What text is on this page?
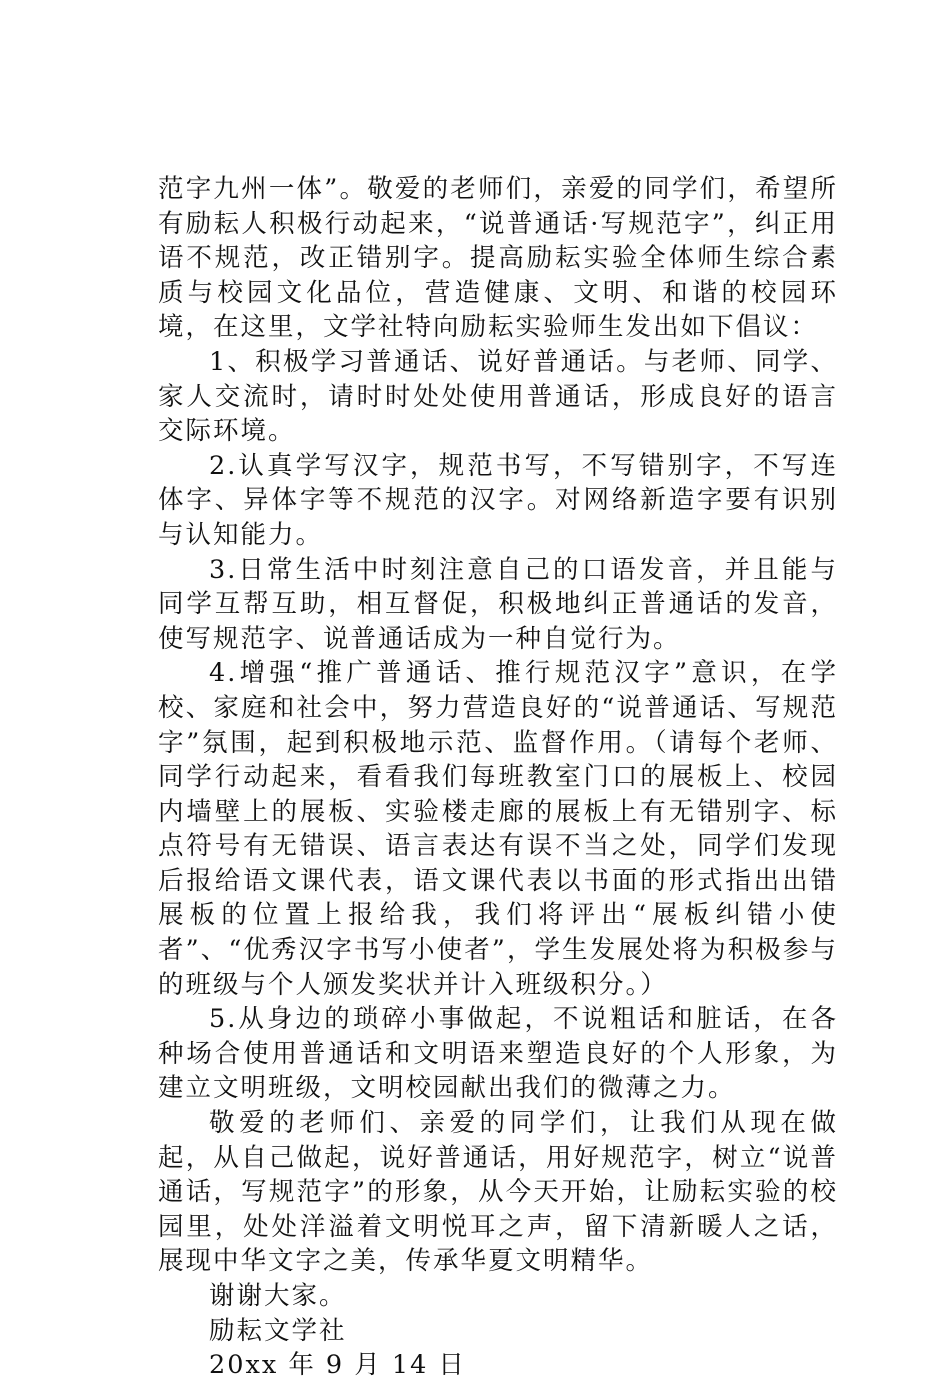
范字九州一体”。敬爱的老师们，亲爱的同学们，希望所有励耘人积极行动起来，“说普通话·写规范字”，纠正用语不规范，改正错别字。提高励耘实验全体师生综合素质与校园文化品位，营造健康、文明、和谐的校园环境，在这里，文学社特向励耘实验师生发出如下倡议：

1、积极学习普通话、说好普通话。与老师、同学、家人交流时，请时时处处使用普通话，形成良好的语言交际环境。

2.认真学写汉字，规范书写，不写错别字，不写连体字、异体字等不规范的汉字。对网络新造字要有识别与认知能力。

3.日常生活中时刻注意自己的口语发音，并且能与同学互帮互助，相互督促，积极地纠正普通话的发音，使写规范字、说普通话成为一种自觉行为。

4.增强“推广普通话、推行规范汉字”意识，在学校、家庭和社会中，努力营造良好的“说普通话、写规范字”氛围，起到积极地示范、监督作用。（请每个老师、同学行动起来，看看我们每班教室门口的展板上、校园内墙壁上的展板、实验楼走廊的展板上有无错别字、标点符号有无错误、语言表达有误不当之处，同学们发现后报给语文课代表，语文课代表以书面的形式指出出错展板的位置上报给我，我们将评出“展板纠错小使者”、“优秀汉字书写小使者”，学生发展处将为积极参与的班级与个人颁发奖状并计入班级积分。）

5.从身边的琐碎小事做起，不说粗话和脏话，在各种场合使用普通话和文明语来塑造良好的个人形象，为建立文明班级，文明校园献出我们的微薄之力。

敬爱的老师们、亲爱的同学们，让我们从现在做起，从自己做起，说好普通话，用好规范字，树立“说普通话，写规范字”的形象，从今天开始，让励耘实验的校园里，处处洋溢着文明悦耳之声，留下清新暖人之话，展现中华文字之美，传承华夏文明精华。

谢谢大家。

励耘文学社

20xx 年 9 月 14 日
